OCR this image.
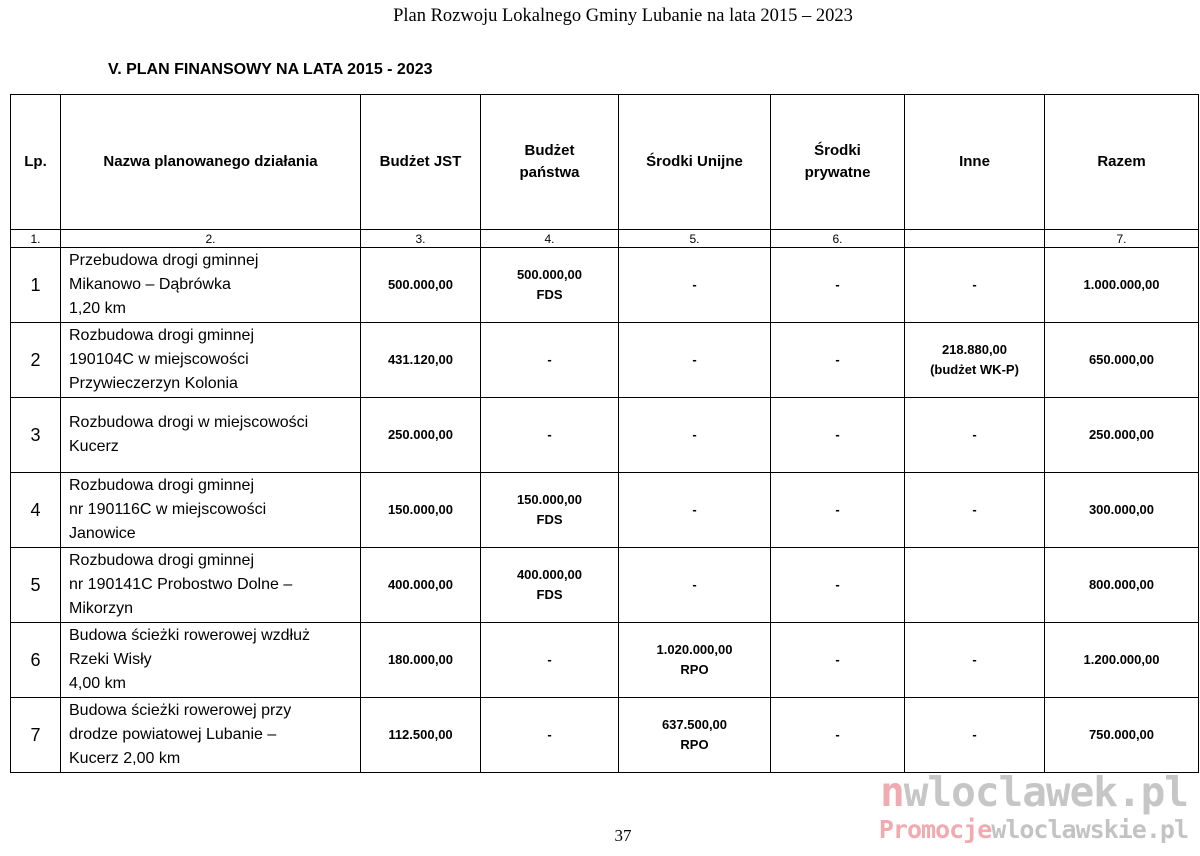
Plan Rozwoju Lokalnego Gminy Lubanie na lata 2015 – 2023
V. PLAN FINANSOWY NA LATA 2015 - 2023
Lp.	Nazwa planowanego działania	Budżet JST	Budżet
państwa	Środki Unijne	Środki
prywatne	Inne	Razem

1.	2.	3.	4.	5.	6.		7.
1	Przebudowa drogi gminnej
Mikanowo – Dąbrówka
1,20 km	500.000,00	500.000,00
FDS	-	-	-	1.000.000,00

2	Rozbudowa drogi gminnej
190104C w miejscowości
Przywieczerzyn Kolonia	431.120,00	-	-	-	218.880,00
(budżet WK-P)	650.000,00

3	Rozbudowa drogi w miejscowości
Kucerz	250.000,00	-	-	-	-	250.000,00

4	Rozbudowa drogi gminnej
nr 190116C w miejscowości
Janowice	150.000,00	150.000,00
FDS	-	-	-	300.000,00

5	Rozbudowa drogi gminnej
nr 190141C Probostwo Dolne –
Mikorzyn	400.000,00	400.000,00
FDS	-	-		800.000,00

6	Budowa ścieżki rowerowej wzdłuż
Rzeki Wisły
4,00 km	180.000,00	-	1.020.000,00
RPO	-	-	1.200.000,00

7	Budowa ścieżki rowerowej przy
drodze powiatowej Lubanie –
Kucerz 2,00 km	112.500,00	-	637.500,00
RPO	-	-	750.000,00
37
nwloclawek.pl
Promocjewloclawskie.pl
